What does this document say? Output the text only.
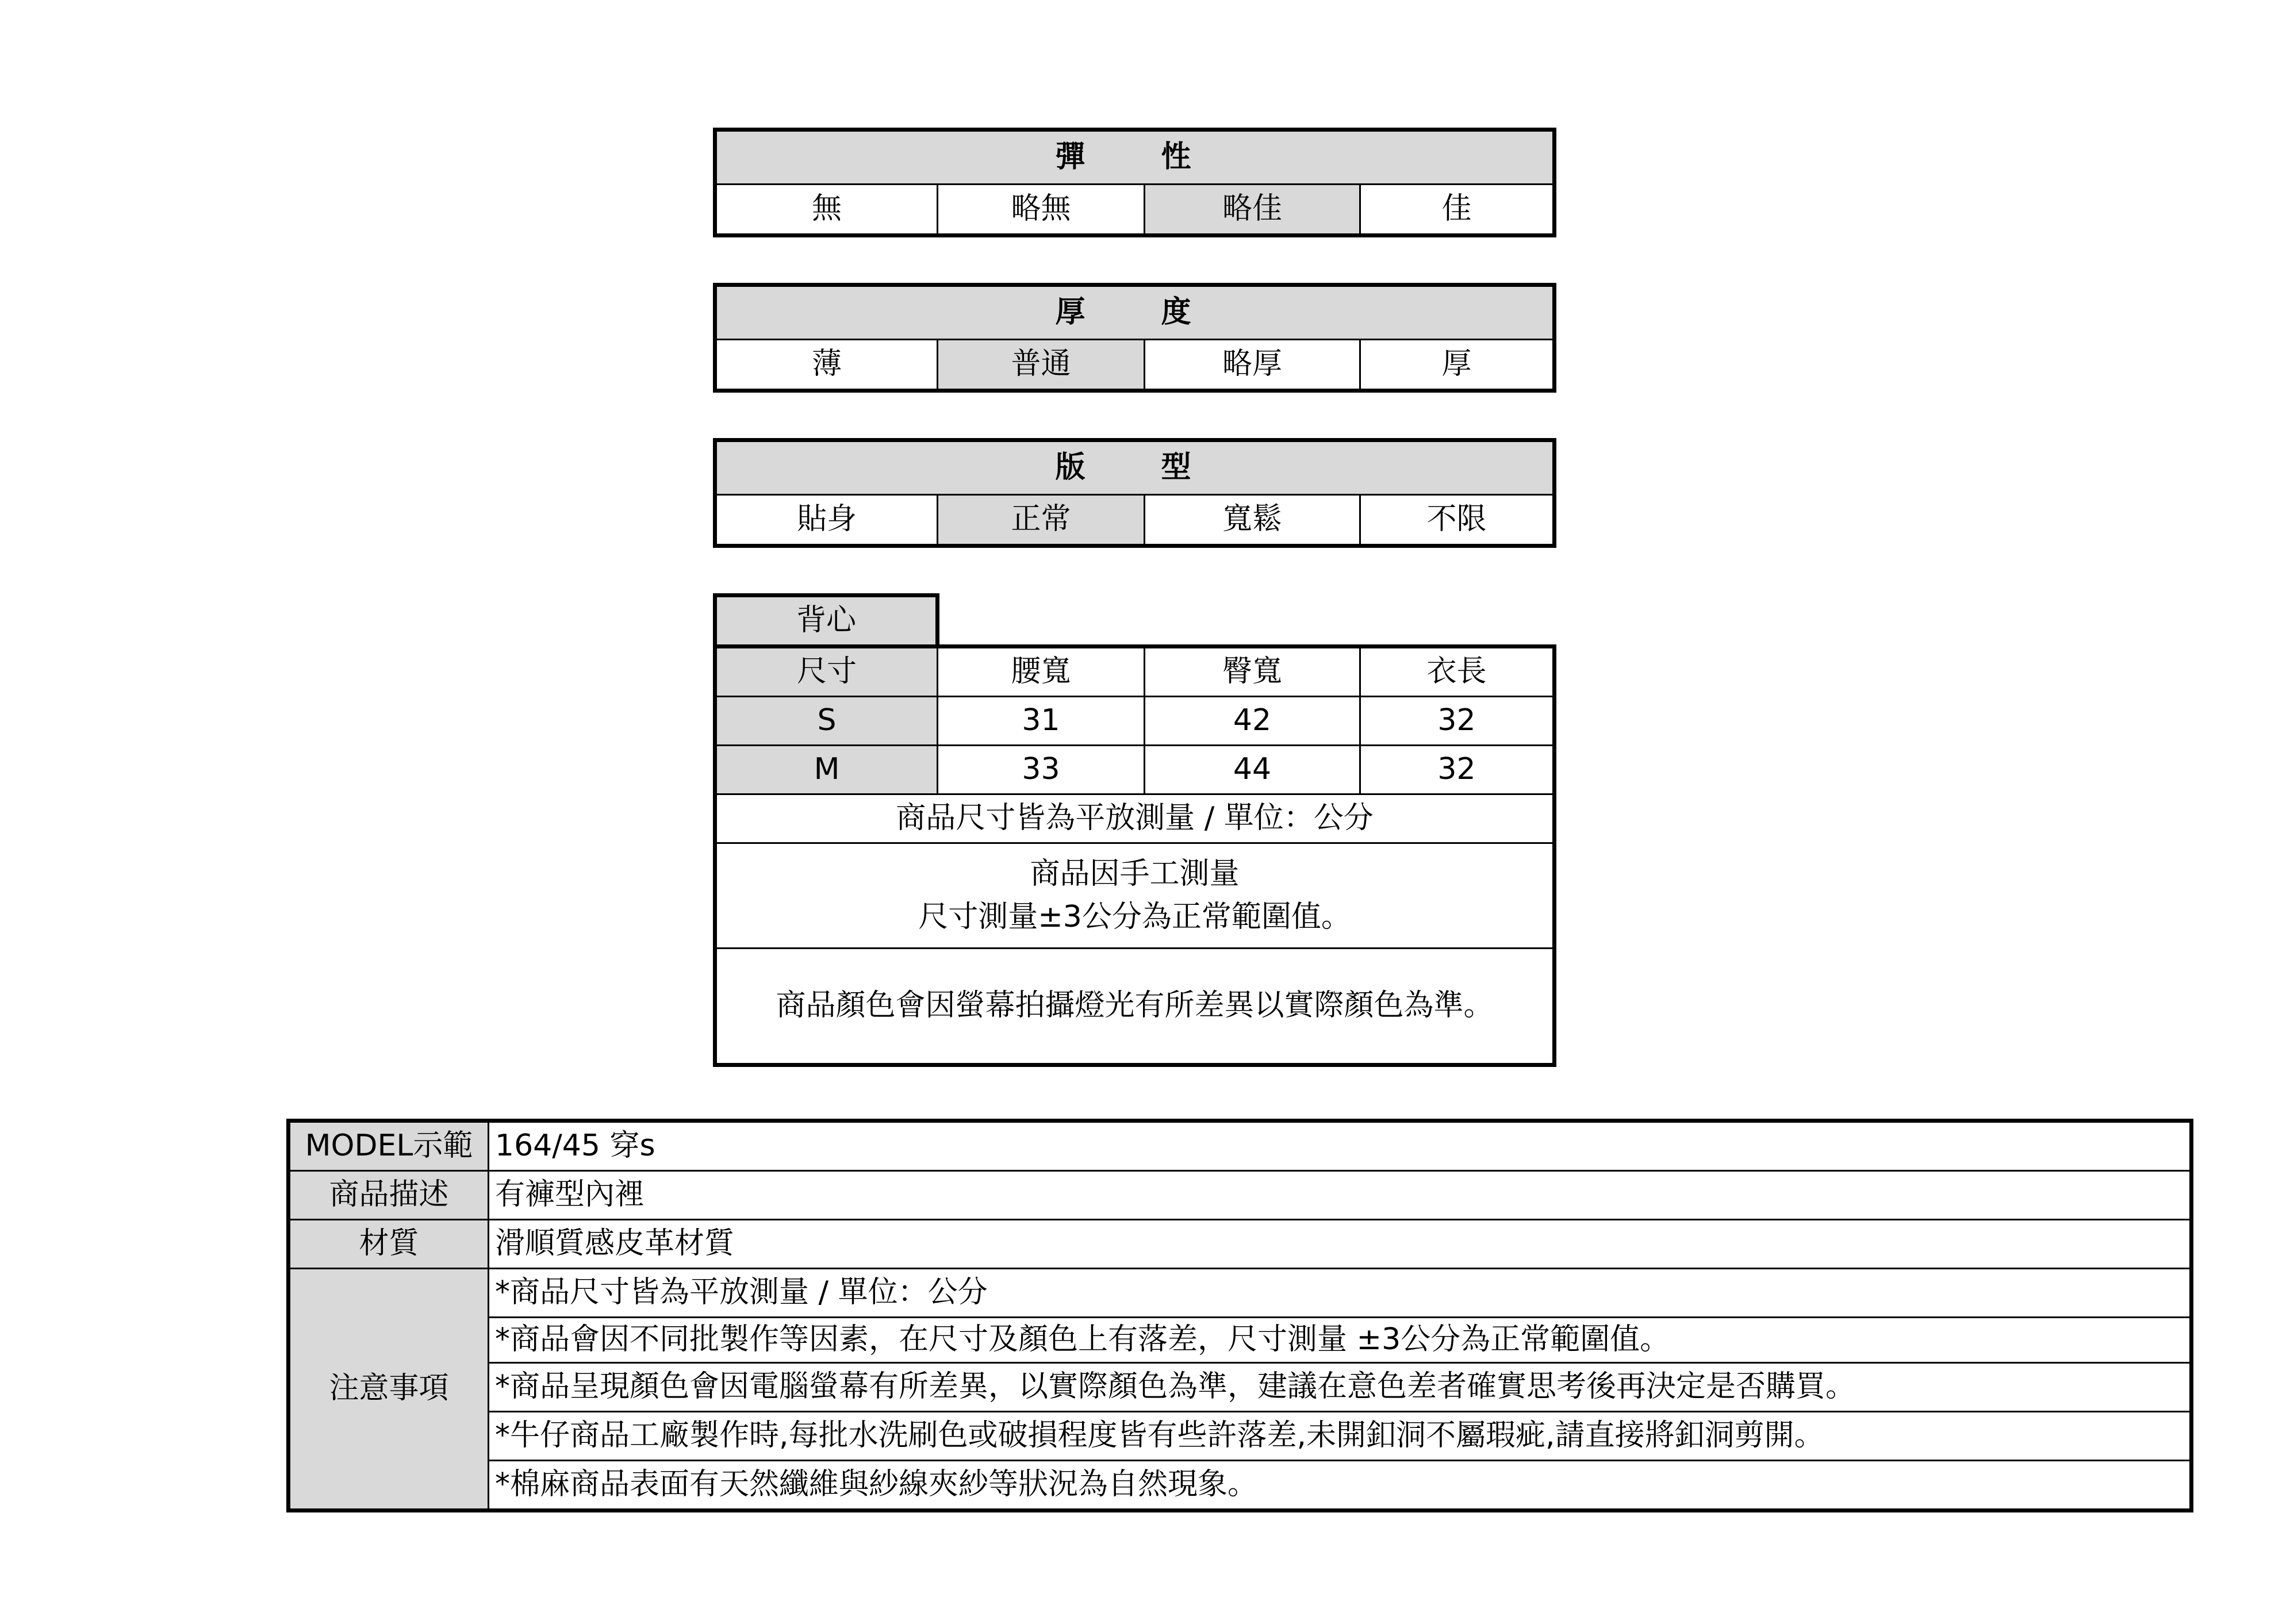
彈　性
無	略無	略佳	佳
厚　度
薄	普通	略厚	厚
版　型
貼身	正常	寬鬆	不限
背心			
尺寸	腰寬	臀寬	衣長
S	31	42	32
M	33	44	32
商品尺寸皆為平放測量 / 單位：公分			

商品因手工測量
尺寸測量±3公分為正常範圍值。			

商品顏色會因螢幕拍攝燈光有所差異以實際顏色為準。			
MODEL示範	164/45 穿s
商品描述	有褲型內裡
材質	滑順質感皮革材質
注意事項	*商品尺寸皆為平放測量 / 單位：公分
	*商品會因不同批製作等因素，在尺寸及顏色上有落差，尺寸測量 ±3公分為正常範圍值。
	*商品呈現顏色會因電腦螢幕有所差異，以實際顏色為準，建議在意色差者確實思考後再決定是否購買。
	*牛仔商品工廠製作時,每批水洗刷色或破損程度皆有些許落差,未開釦洞不屬瑕疵,請直接將釦洞剪開。
	*棉麻商品表面有天然纖維與紗線夾紗等狀況為自然現象。
